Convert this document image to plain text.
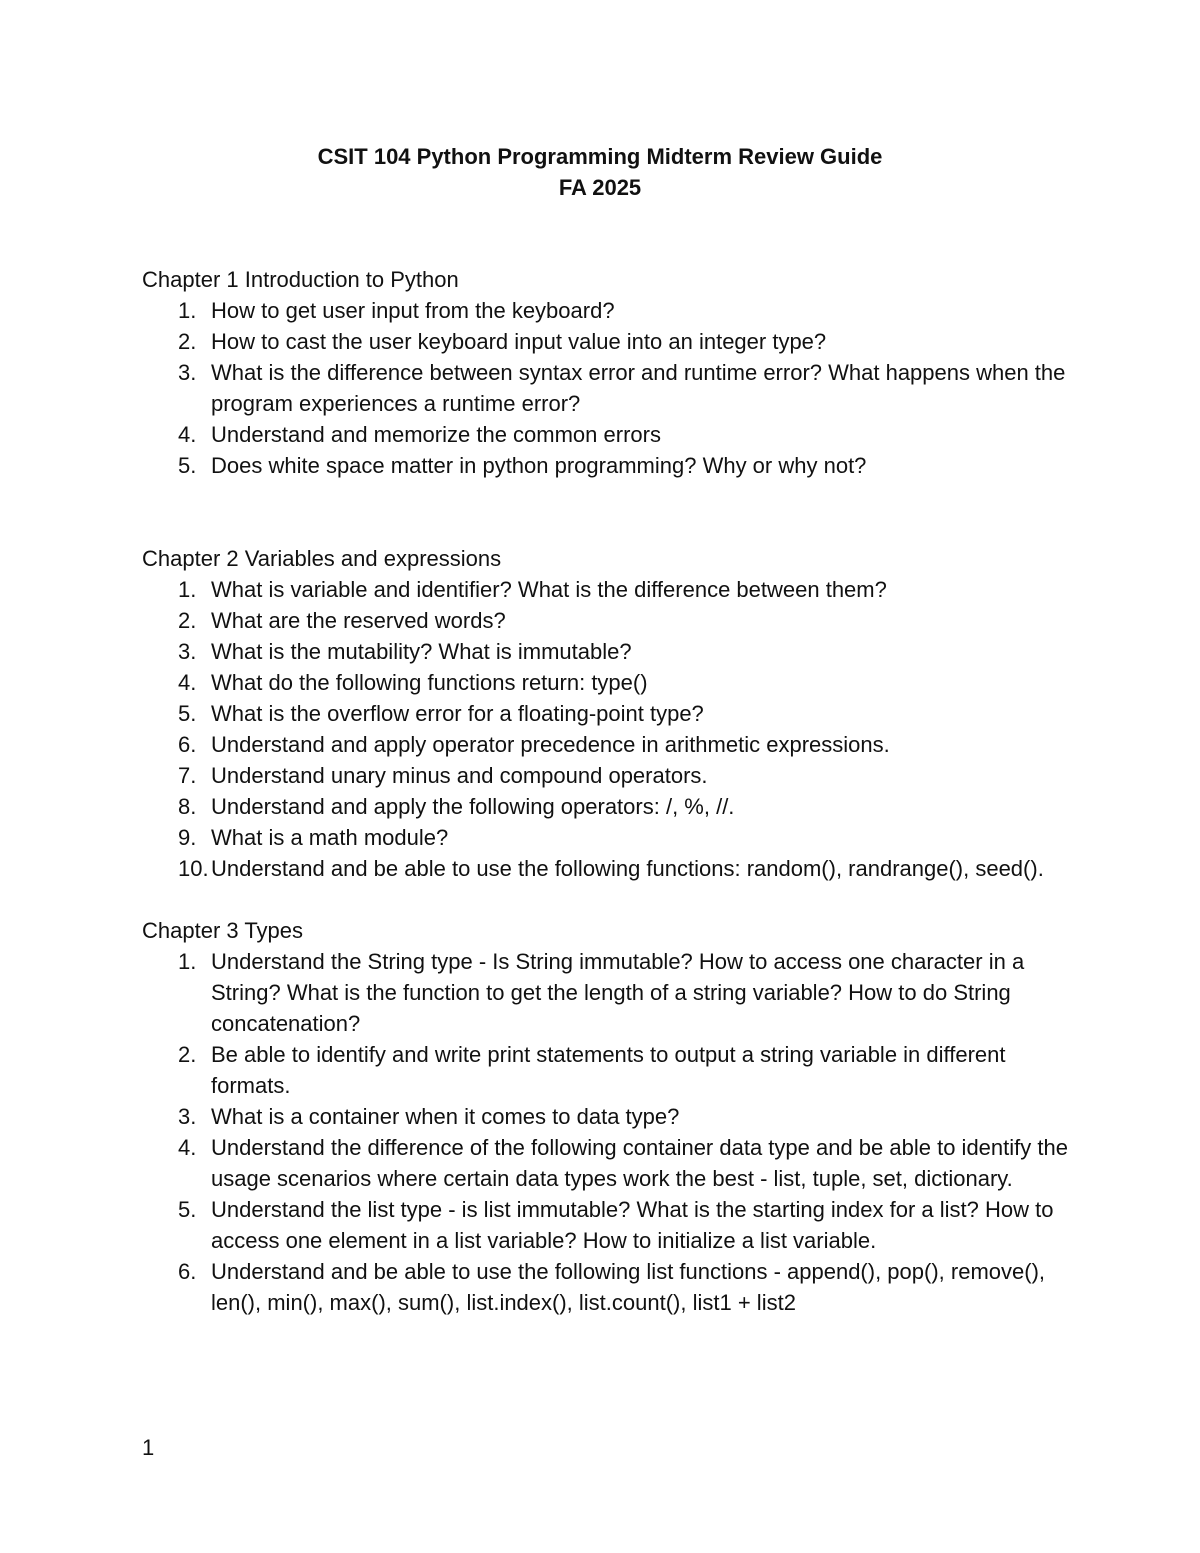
CSIT 104 Python Programming Midterm Review Guide
FA 2025

Chapter 1 Introduction to Python

1. How to get user input from the keyboard?
2. How to cast the user keyboard input value into an integer type?
3. What is the difference between syntax error and runtime error? What happens when the program experiences a runtime error?
4. Understand and memorize the common errors
5. Does white space matter in python programming? Why or why not?

Chapter 2 Variables and expressions

1. What is variable and identifier? What is the difference between them?
2. What are the reserved words?
3. What is the mutability? What is immutable?
4. What do the following functions return: type()
5. What is the overflow error for a floating-point type?
6. Understand and apply operator precedence in arithmetic expressions.
7. Understand unary minus and compound operators.
8. Understand and apply the following operators: /, %, //.
9. What is a math module?
10. Understand and be able to use the following functions: random(), randrange(), seed().

Chapter 3 Types

1. Understand the String type - Is String immutable? How to access one character in a String? What is the function to get the length of a string variable? How to do String concatenation?
2. Be able to identify and write print statements to output a string variable in different formats.
3. What is a container when it comes to data type?
4. Understand the difference of the following container data type and be able to identify the usage scenarios where certain data types work the best - list, tuple, set, dictionary.
5. Understand the list type - is list immutable? What is the starting index for a list? How to access one element in a list variable? How to initialize a list variable.
6. Understand and be able to use the following list functions - append(), pop(), remove(), len(), min(), max(), sum(), list.index(), list.count(), list1 + list2
1
